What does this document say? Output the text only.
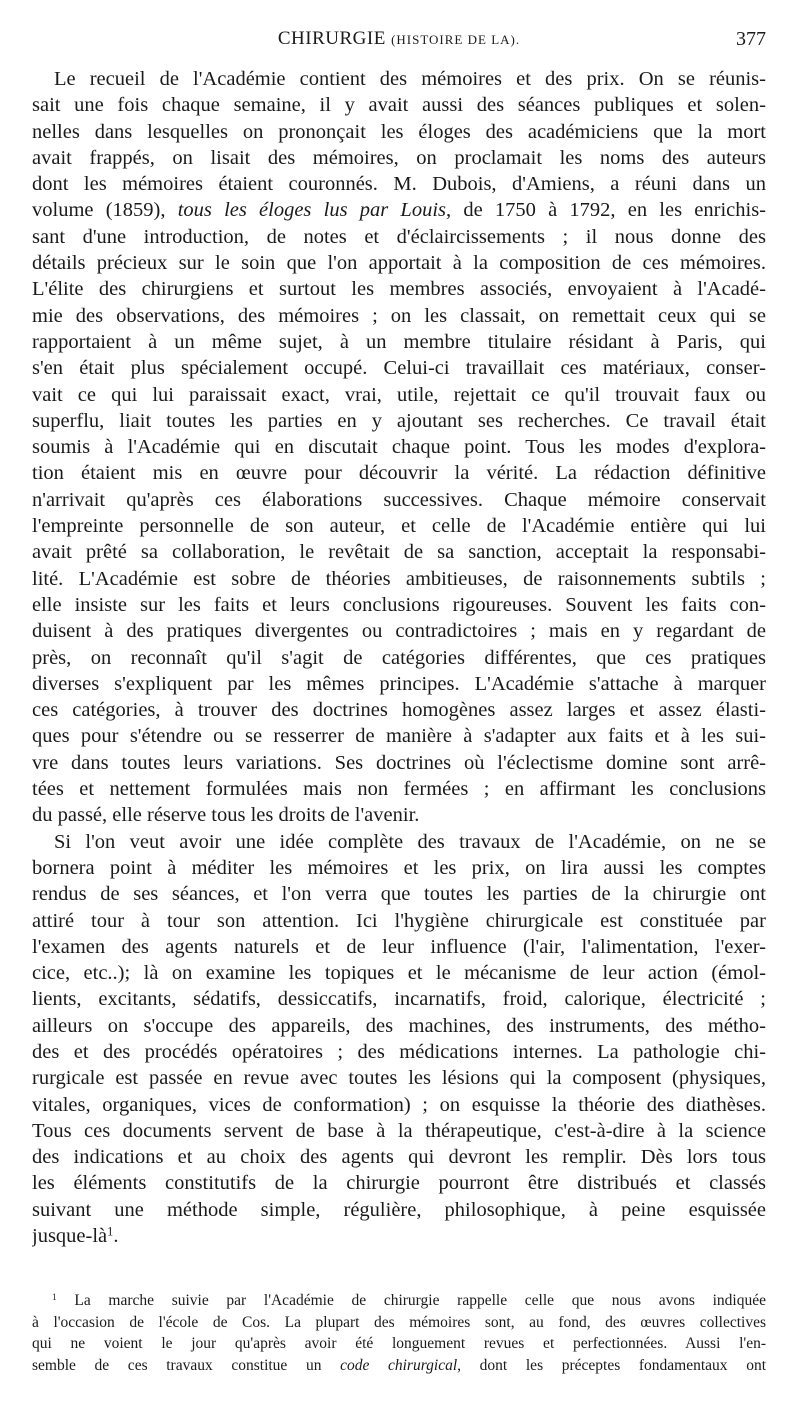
CHIRURGIE (HISTOIRE DE LA).	377
Le recueil de l'Académie contient des mémoires et des prix. On se réunis-
sait une fois chaque semaine, il y avait aussi des séances publiques et solen-
nelles dans lesquelles on prononçait les éloges des académiciens que la mort
avait frappés, on lisait des mémoires, on proclamait les noms des auteurs
dont les mémoires étaient couronnés. M. Dubois, d'Amiens, a réuni dans un
volume (1859), tous les éloges lus par Louis, de 1750 à 1792, en les enrichis-
sant d'une introduction, de notes et d'éclaircissements ; il nous donne des
détails précieux sur le soin que l'on apportait à la composition de ces mémoires.
L'élite des chirurgiens et surtout les membres associés, envoyaient à l'Acadé-
mie des observations, des mémoires ; on les classait, on remettait ceux qui se
rapportaient à un même sujet, à un membre titulaire résidant à Paris, qui
s'en était plus spécialement occupé. Celui-ci travaillait ces matériaux, conser-
vait ce qui lui paraissait exact, vrai, utile, rejettait ce qu'il trouvait faux ou
superflu, liait toutes les parties en y ajoutant ses recherches. Ce travail était
soumis à l'Académie qui en discutait chaque point. Tous les modes d'explora-
tion étaient mis en œuvre pour découvrir la vérité. La rédaction définitive
n'arrivait qu'après ces élaborations successives. Chaque mémoire conservait
l'empreinte personnelle de son auteur, et celle de l'Académie entière qui lui
avait prêté sa collaboration, le revêtait de sa sanction, acceptait la responsabi-
lité. L'Académie est sobre de théories ambitieuses, de raisonnements subtils ;
elle insiste sur les faits et leurs conclusions rigoureuses. Souvent les faits con-
duisent à des pratiques divergentes ou contradictoires ; mais en y regardant de
près, on reconnaît qu'il s'agit de catégories différentes, que ces pratiques
diverses s'expliquent par les mêmes principes. L'Académie s'attache à marquer
ces catégories, à trouver des doctrines homogènes assez larges et assez élasti-
ques pour s'étendre ou se resserrer de manière à s'adapter aux faits et à les sui-
vre dans toutes leurs variations. Ses doctrines où l'éclectisme domine sont arrê-
tées et nettement formulées mais non fermées ; en affirmant les conclusions
du passé, elle réserve tous les droits de l'avenir.
Si l'on veut avoir une idée complète des travaux de l'Académie, on ne se
bornera point à méditer les mémoires et les prix, on lira aussi les comptes
rendus de ses séances, et l'on verra que toutes les parties de la chirurgie ont
attiré tour à tour son attention. Ici l'hygiène chirurgicale est constituée par
l'examen des agents naturels et de leur influence (l'air, l'alimentation, l'exer-
cice, etc..); là on examine les topiques et le mécanisme de leur action (émol-
lients, excitants, sédatifs, dessiccatifs, incarnatifs, froid, calorique, électricité ;
ailleurs on s'occupe des appareils, des machines, des instruments, des métho-
des et des procédés opératoires ; des médications internes. La pathologie chi-
rurgicale est passée en revue avec toutes les lésions qui la composent (physiques,
vitales, organiques, vices de conformation) ; on esquisse la théorie des diathèses.
Tous ces documents servent de base à la thérapeutique, c'est-à-dire à la science
des indications et au choix des agents qui devront les remplir. Dès lors tous
les éléments constitutifs de la chirurgie pourront être distribués et classés
suivant une méthode simple, régulière, philosophique, à peine esquissée
jusque-$là^1$.
$^1$ La marche suivie par l'Académie de chirurgie rappelle celle que nous avons indiquée
à l'occasion de l'école de Cos. La plupart des mémoires sont, au fond, des œuvres collectives
qui ne voient le jour qu'après avoir été longuement revues et perfectionnées. Aussi l'en-
semble de ces travaux constitue un code chirurgical, dont les préceptes fondamentaux ont
